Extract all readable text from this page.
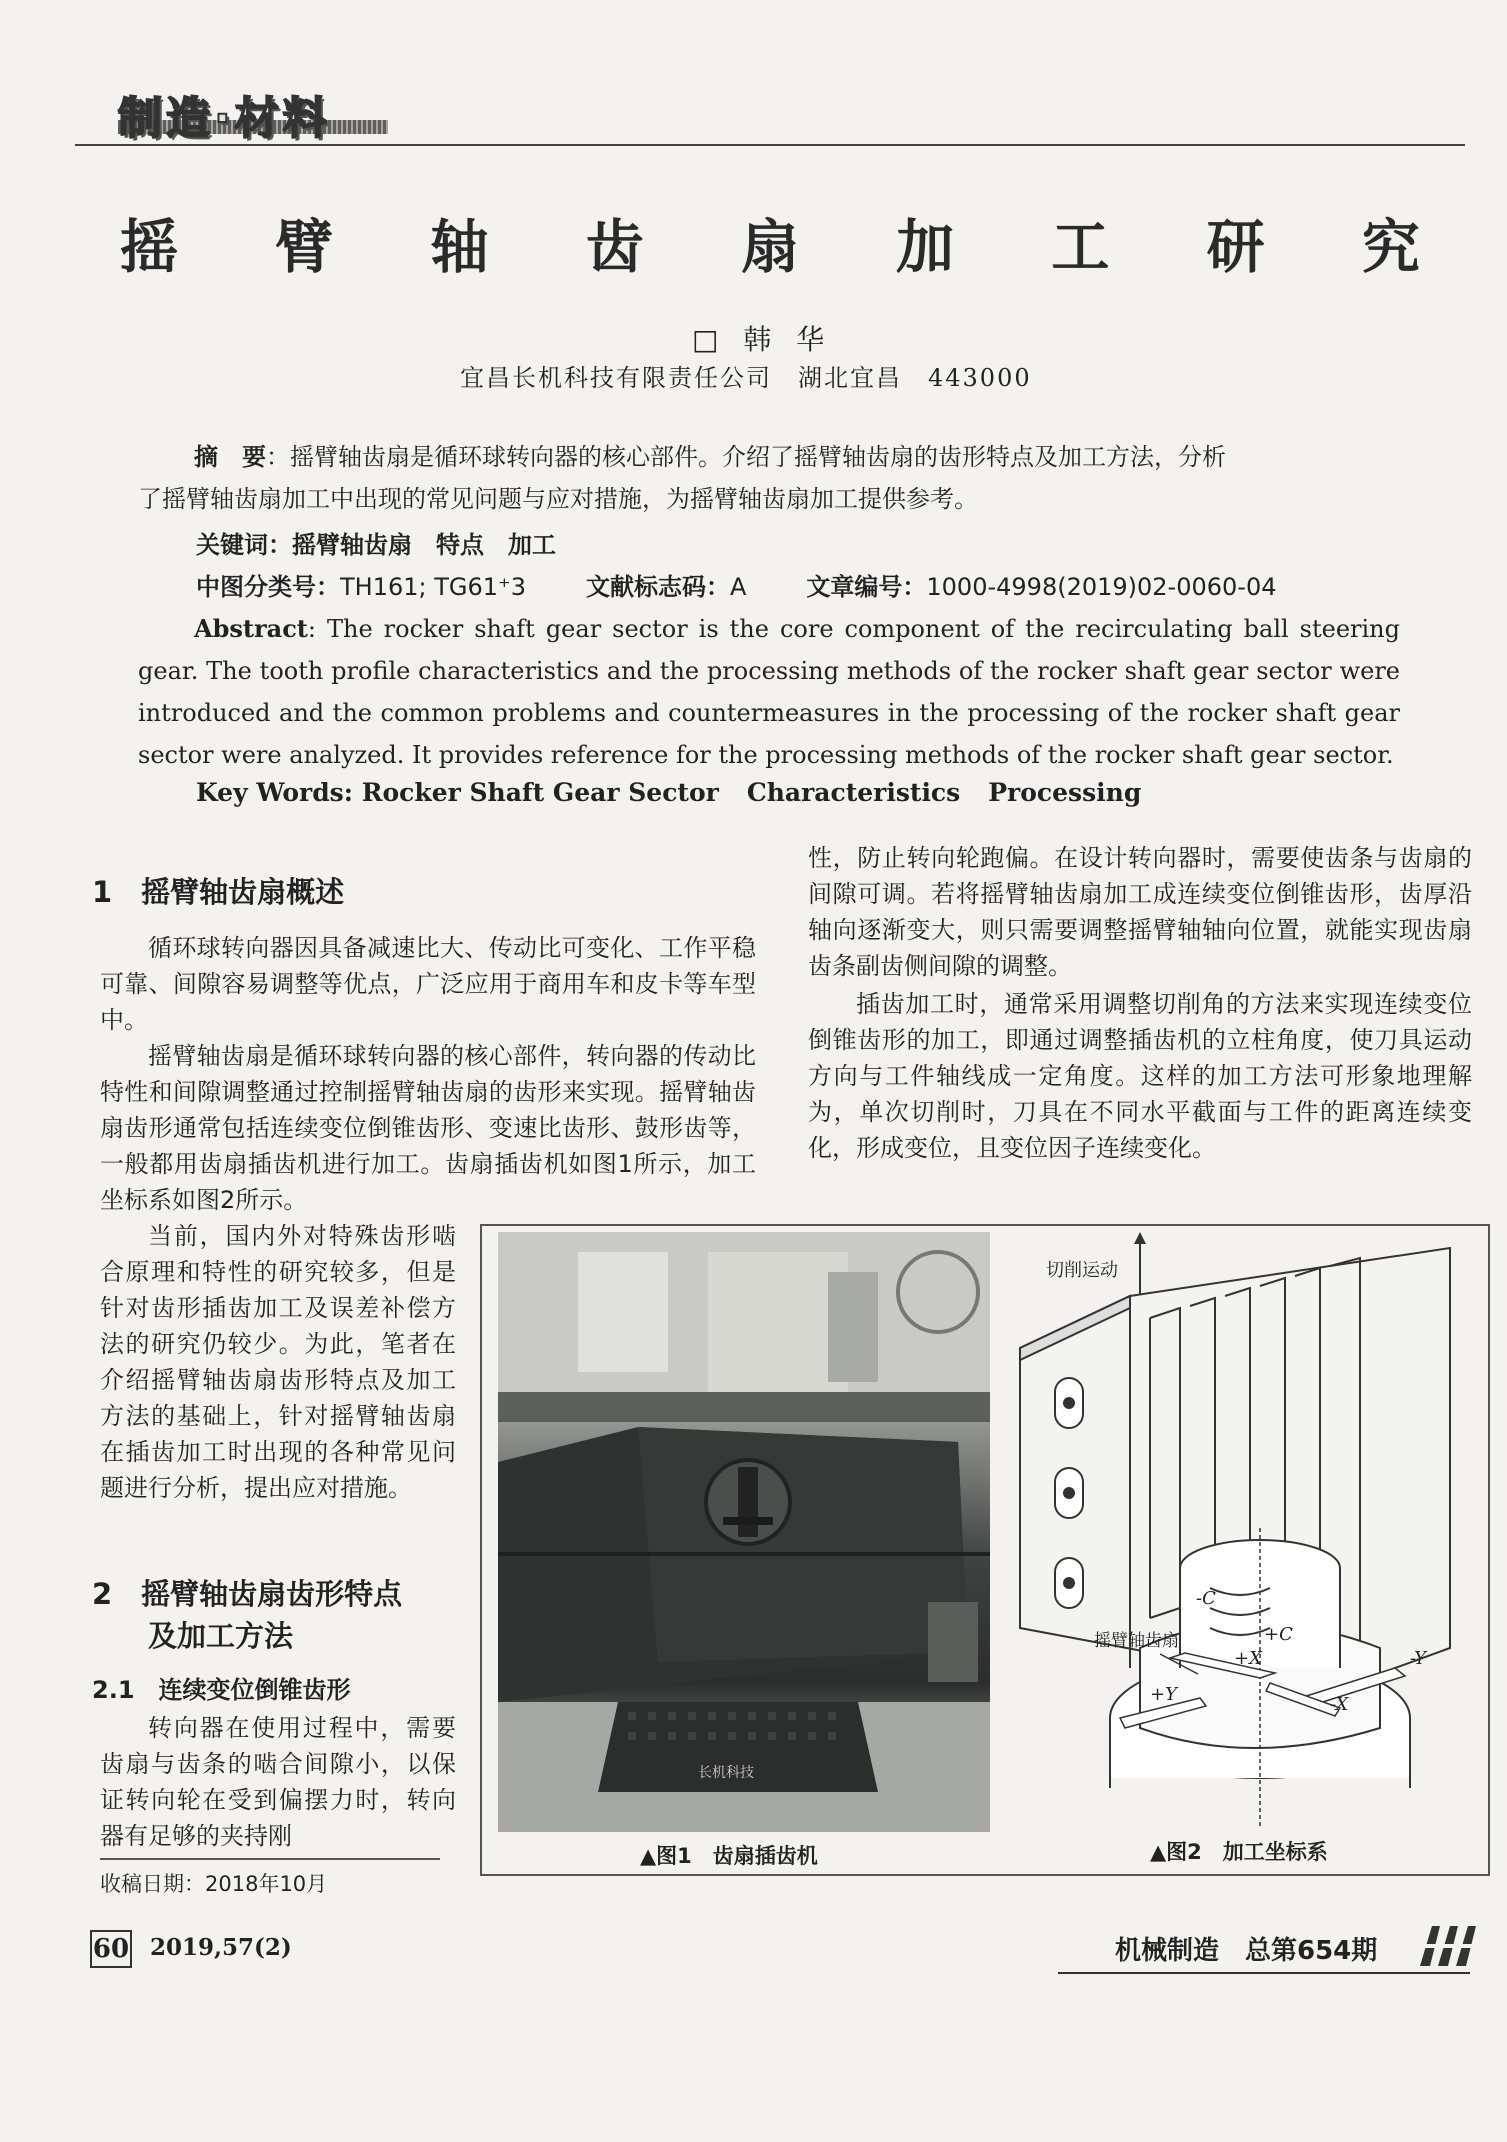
制造·材料
摇 臂 轴 齿 扇 加 工 研 究
□ 韩 华
宜昌长机科技有限责任公司　湖北宜昌　443000
摘　要：摇臂轴齿扇是循环球转向器的核心部件。介绍了摇臂轴齿扇的齿形特点及加工方法，分析
了摇臂轴齿扇加工中出现的常见问题与应对措施，为摇臂轴齿扇加工提供参考。
关键词：摇臂轴齿扇　特点　加工
中图分类号：TH161; TG61⁺3	文献标志码：A	文章编号：1000-4998(2019)02-0060-04
Abstract: The rocker shaft gear sector is the core component of the recirculating ball steering gear. The tooth profile characteristics and the processing methods of the rocker shaft gear sector were introduced and the common problems and countermeasures in the processing of the rocker shaft gear sector were analyzed. It provides reference for the processing methods of the rocker shaft gear sector.
Key Words: Rocker Shaft Gear Sector Characteristics Processing
1　摇臂轴齿扇概述
循环球转向器因具备减速比大、传动比可变化、工作平稳可靠、间隙容易调整等优点，广泛应用于商用车和皮卡等车型中。
摇臂轴齿扇是循环球转向器的核心部件，转向器的传动比特性和间隙调整通过控制摇臂轴齿扇的齿形来实现。摇臂轴齿扇齿形通常包括连续变位倒锥齿形、变速比齿形、鼓形齿等，一般都用齿扇插齿机进行加工。齿扇插齿机如图1所示，加工坐标系如图2所示。
当前，国内外对特殊齿形啮合原理和特性的研究较多，但是针对齿形插齿加工及误差补偿方法的研究仍较少。为此，笔者在介绍摇臂轴齿扇齿形特点及加工方法的基础上，针对摇臂轴齿扇在插齿加工时出现的各种常见问题进行分析，提出应对措施。
2　摇臂轴齿扇齿形特点
及加工方法
2.1　连续变位倒锥齿形
转向器在使用过程中，需要齿扇与齿条的啮合间隙小，以保证转向轮在受到偏摆力时，转向器有足够的夹持刚
性，防止转向轮跑偏。在设计转向器时，需要使齿条与齿扇的间隙可调。若将摇臂轴齿扇加工成连续变位倒锥齿形，齿厚沿轴向逐渐变大，则只需要调整摇臂轴轴向位置，就能实现齿扇齿条副齿侧间隙的调整。
插齿加工时，通常采用调整切削角的方法来实现连续变位倒锥齿形的加工，即通过调整插齿机的立柱角度，使刀具运动方向与工件轴线成一定角度。这样的加工方法可形象地理解为，单次切削时，刀具在不同水平截面与工件的距离连续变化，形成变位，且变位因子连续变化。
长机科技
▲图1　齿扇插齿机
切削运动
-C
+C
-Y
+Y
+X
-X
摇臂轴齿扇
▲图2　加工坐标系
收稿日期：2018年10月
60 2019,57(2)	机械制造　总第654期
